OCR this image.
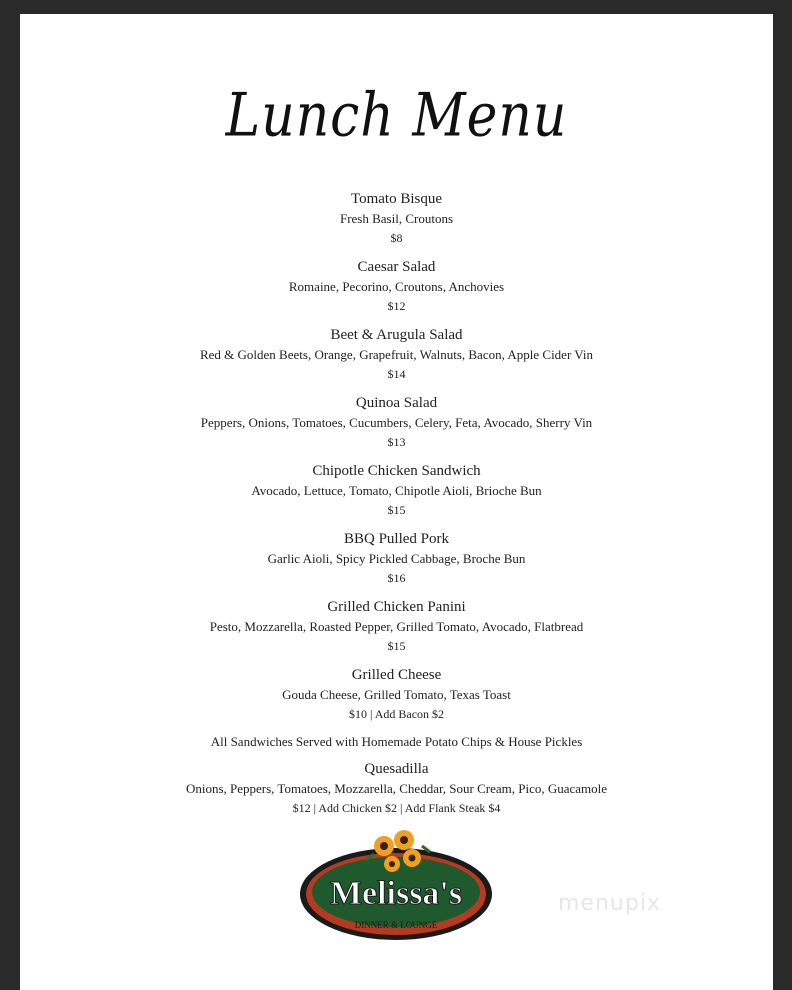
Lunch Menu
Tomato Bisque
Fresh Basil, Croutons
$8
Caesar Salad
Romaine, Pecorino, Croutons, Anchovies
$12
Beet & Arugula Salad
Red & Golden Beets, Orange, Grapefruit, Walnuts, Bacon, Apple Cider Vin
$14
Quinoa Salad
Peppers, Onions, Tomatoes, Cucumbers, Celery, Feta, Avocado, Sherry Vin
$13
Chipotle Chicken Sandwich
Avocado, Lettuce, Tomato, Chipotle Aioli, Brioche Bun
$15
BBQ Pulled Pork
Garlic Aioli, Spicy Pickled Cabbage, Broche Bun
$16
Grilled Chicken Panini
Pesto, Mozzarella, Roasted Pepper, Grilled Tomato, Avocado, Flatbread
$15
Grilled Cheese
Gouda Cheese, Grilled Tomato, Texas Toast
$10 | Add Bacon $2
All Sandwiches Served with Homemade Potato Chips & House Pickles
Quesadilla
Onions, Peppers, Tomatoes, Mozzarella, Cheddar, Sour Cream, Pico, Guacamole
$12 | Add Chicken $2 | Add Flank Steak $4
Melissa's
DINNER & LOUNGE
menupix
